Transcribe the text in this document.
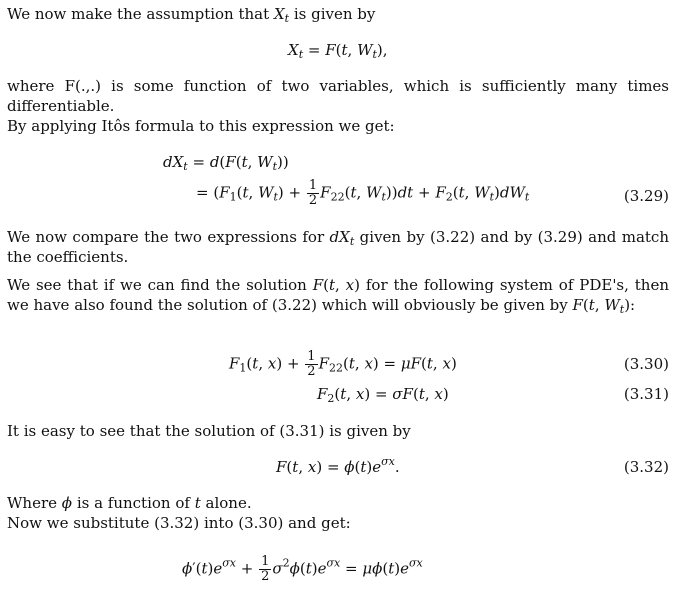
We now make the assumption that $X_t$ is given by
$X_t = F(t$, $W_t$),
where F(.,.) is some function of two variables, which is sufficiently many times differentiable.
By applying Itôs formula to this expression we get:
$dX_t = d(F(t$, $W_t$))
= ($F_1(t$, $W_t) + \frac{1}{2} F_{22}(t$, $W_t))dt + F_2(t$, $W_t)dW_t$	(3.29)
We now compare the two expressions for $dX_t$ given by (3.22) and by (3.29) and match the coefficients.
We see that if we can find the solution F(t, x) for the following system of PDE's, then we have also found the solution of (3.22) which will obviously be given by F(t, $W_t$):
$F_1(t$, $x) + \frac{1}{2} F_{22}(t$, x) = μF(t, x)	(3.30)
$F_2(t$, x) = σF(t, x)	(3.31)
It is easy to see that the solution of (3.31) is given by
F(t, $x) = \phi(t)e^{\sigma x}$.	(3.32)
Where ϕ is a function of t alone.
Now we substitute (3.32) into (3.30) and get:
$\phi'(t)e^{\sigma x} + \frac{1}{2} \sigma^2\phi(t)e^{\sigma x} = \mu\phi(t)e^{\sigma x}$
